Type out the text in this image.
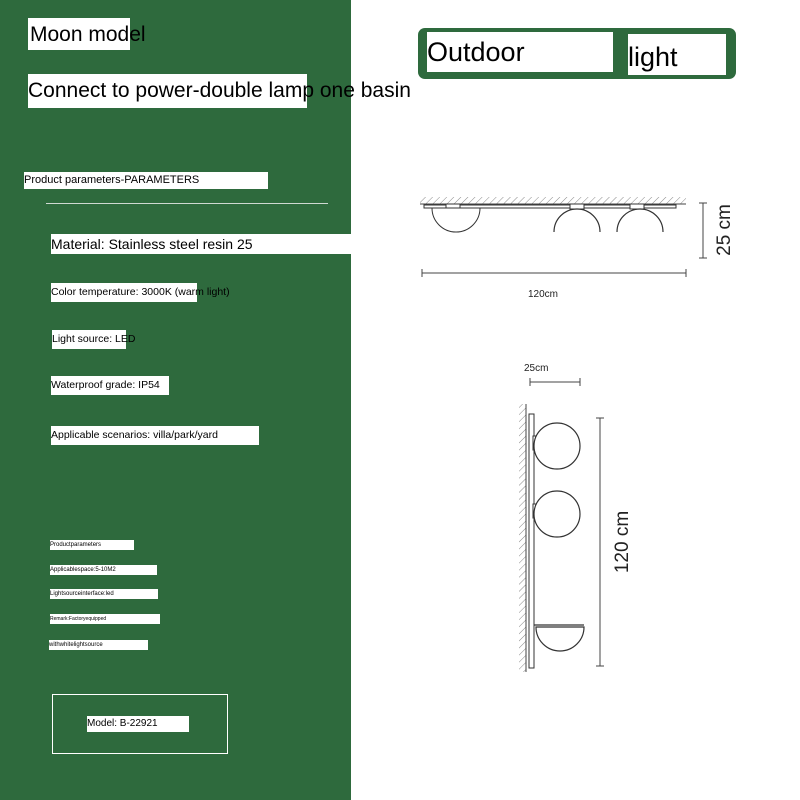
Moon model
Connect to power-double lamp one basin
Product parameters-PARAMETERS
Material: Stainless steel resin 25
Color temperature: 3000K (warm light)
Light source: LED
Waterproof grade: IP54
Applicable scenarios: villa/park/yard
Productparameters
Applicablespace:5-10M2
Lightsourceinterface:led
Remark:Factoryequipped
withwhitelightsource
Model: B-22921
Outdoor	light
120cm
25 cm
25cm
120 cm
